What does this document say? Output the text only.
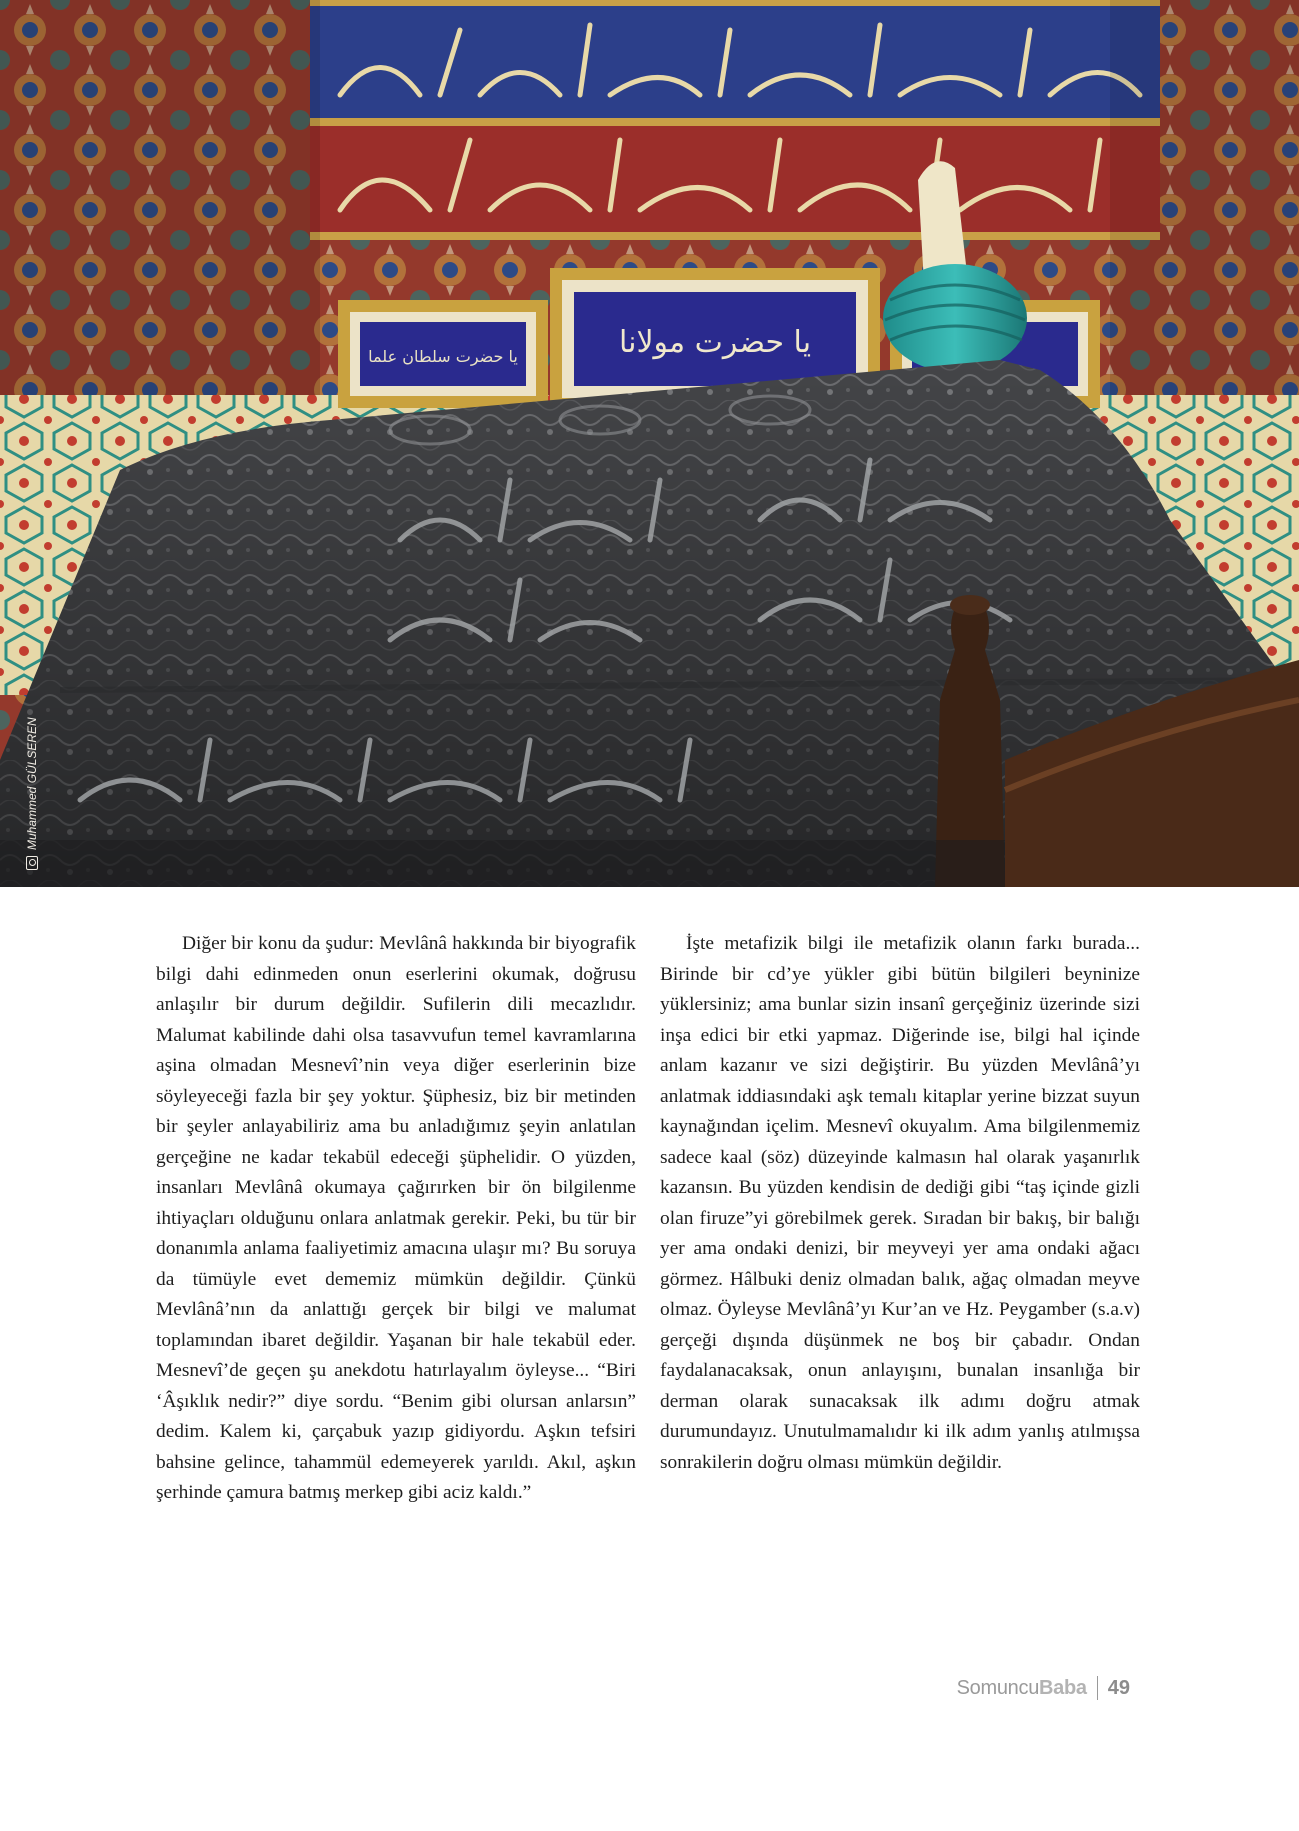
يا حضرت سلطان علما	يا حضرت مولانا
Muhammed GÜLSEREN

Diğer bir konu da şudur: Mevlânâ hakkında bir biyografik bilgi dahi edinmeden onun eserlerini okumak, doğrusu anlaşılır bir durum değildir. Sufilerin dili mecazlıdır. Malumat kabilinde dahi olsa tasavvufun temel kavramlarına aşina olmadan Mesnevî’nin veya diğer eserlerinin bize söyleyeceği fazla bir şey yoktur. Şüphesiz, biz bir metinden bir şeyler anlayabiliriz ama bu anladığımız şeyin anlatılan gerçeğine ne kadar tekabül edeceği şüphelidir. O yüzden, insanları Mevlânâ okumaya çağırırken bir ön bilgilenme ihtiyaçları olduğunu onlara anlatmak gerekir. Peki, bu tür bir donanımla anlama faaliyetimiz amacına ulaşır mı? Bu soruya da tümüyle evet dememiz mümkün değildir. Çünkü Mevlânâ’nın da anlattığı gerçek bir bilgi ve malumat toplamından ibaret değildir. Yaşanan bir hale tekabül eder. Mesnevî’de geçen şu anekdotu hatırlayalım öyleyse... “Biri ‘Âşıklık nedir?” diye sordu. “Benim gibi olursan anlarsın” dedim. Kalem ki, çarçabuk yazıp gidiyordu. Aşkın tefsiri bahsine gelince, tahammül edemeyerek yarıldı. Akıl, aşkın şerhinde çamura batmış merkep gibi aciz kaldı.”

İşte metafizik bilgi ile metafizik olanın farkı burada... Birinde bir cd’ye yükler gibi bütün bilgileri beyninize yüklersiniz; ama bunlar sizin insanî gerçeğiniz üzerinde sizi inşa edici bir etki yapmaz. Diğerinde ise, bilgi hal içinde anlam kazanır ve sizi değiştirir. Bu yüzden Mevlânâ’yı anlatmak iddiasındaki aşk temalı kitaplar yerine bizzat suyun kaynağından içelim. Mesnevî okuyalım. Ama bilgilenmemiz sadece kaal (söz) düzeyinde kalmasın hal olarak yaşanırlık kazansın. Bu yüzden kendisin de dediği gibi “taş içinde gizli olan firuze”yi görebilmek gerek. Sıradan bir bakış, bir balığı yer ama ondaki denizi, bir meyveyi yer ama ondaki ağacı görmez. Hâlbuki deniz olmadan balık, ağaç olmadan meyve olmaz. Öyleyse Mevlânâ’yı Kur’an ve Hz. Peygamber (s.a.v) gerçeği dışında düşünmek ne boş bir çabadır. Ondan faydalanacaksak, onun anlayışını, bunalan insanlığa bir derman olarak sunacaksak ilk adımı doğru atmak durumundayız. Unutulmamalıdır ki ilk adım yanlış atılmışsa sonrakilerin doğru olması mümkün değildir.

Somuncu Baba 49
